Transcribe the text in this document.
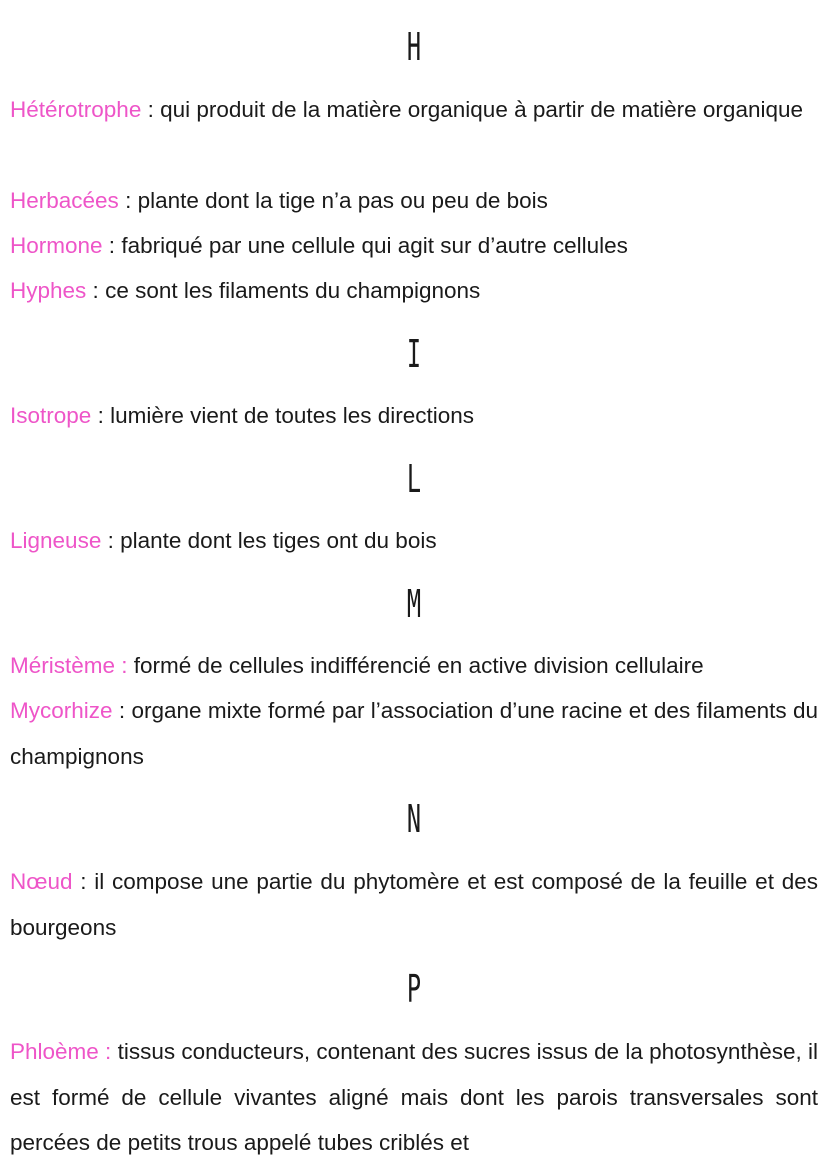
H

Hétérotrophe : qui produit de la matière organique à partir de matière organique

Herbacées : plante dont la tige n’a pas ou peu de bois

Hormone : fabriqué par une cellule qui agit sur d’autre cellules

Hyphes : ce sont les filaments du champignons

I

Isotrope : lumière vient de toutes les directions

L

Ligneuse : plante dont les tiges ont du bois

M

Méristème : formé de cellules indifférencié en active division cellulaire

Mycorhize : organe mixte formé par l’association d’une racine et des filaments du champignons

N

Nœud : il compose une partie du phytomère et est composé de la feuille et des bourgeons

P

Phloème : tissus conducteurs, contenant des sucres issus de la photosynthèse, il est formé de cellule vivantes aligné mais dont les parois transversales sont percées de petits trous appelé tubes criblés et
